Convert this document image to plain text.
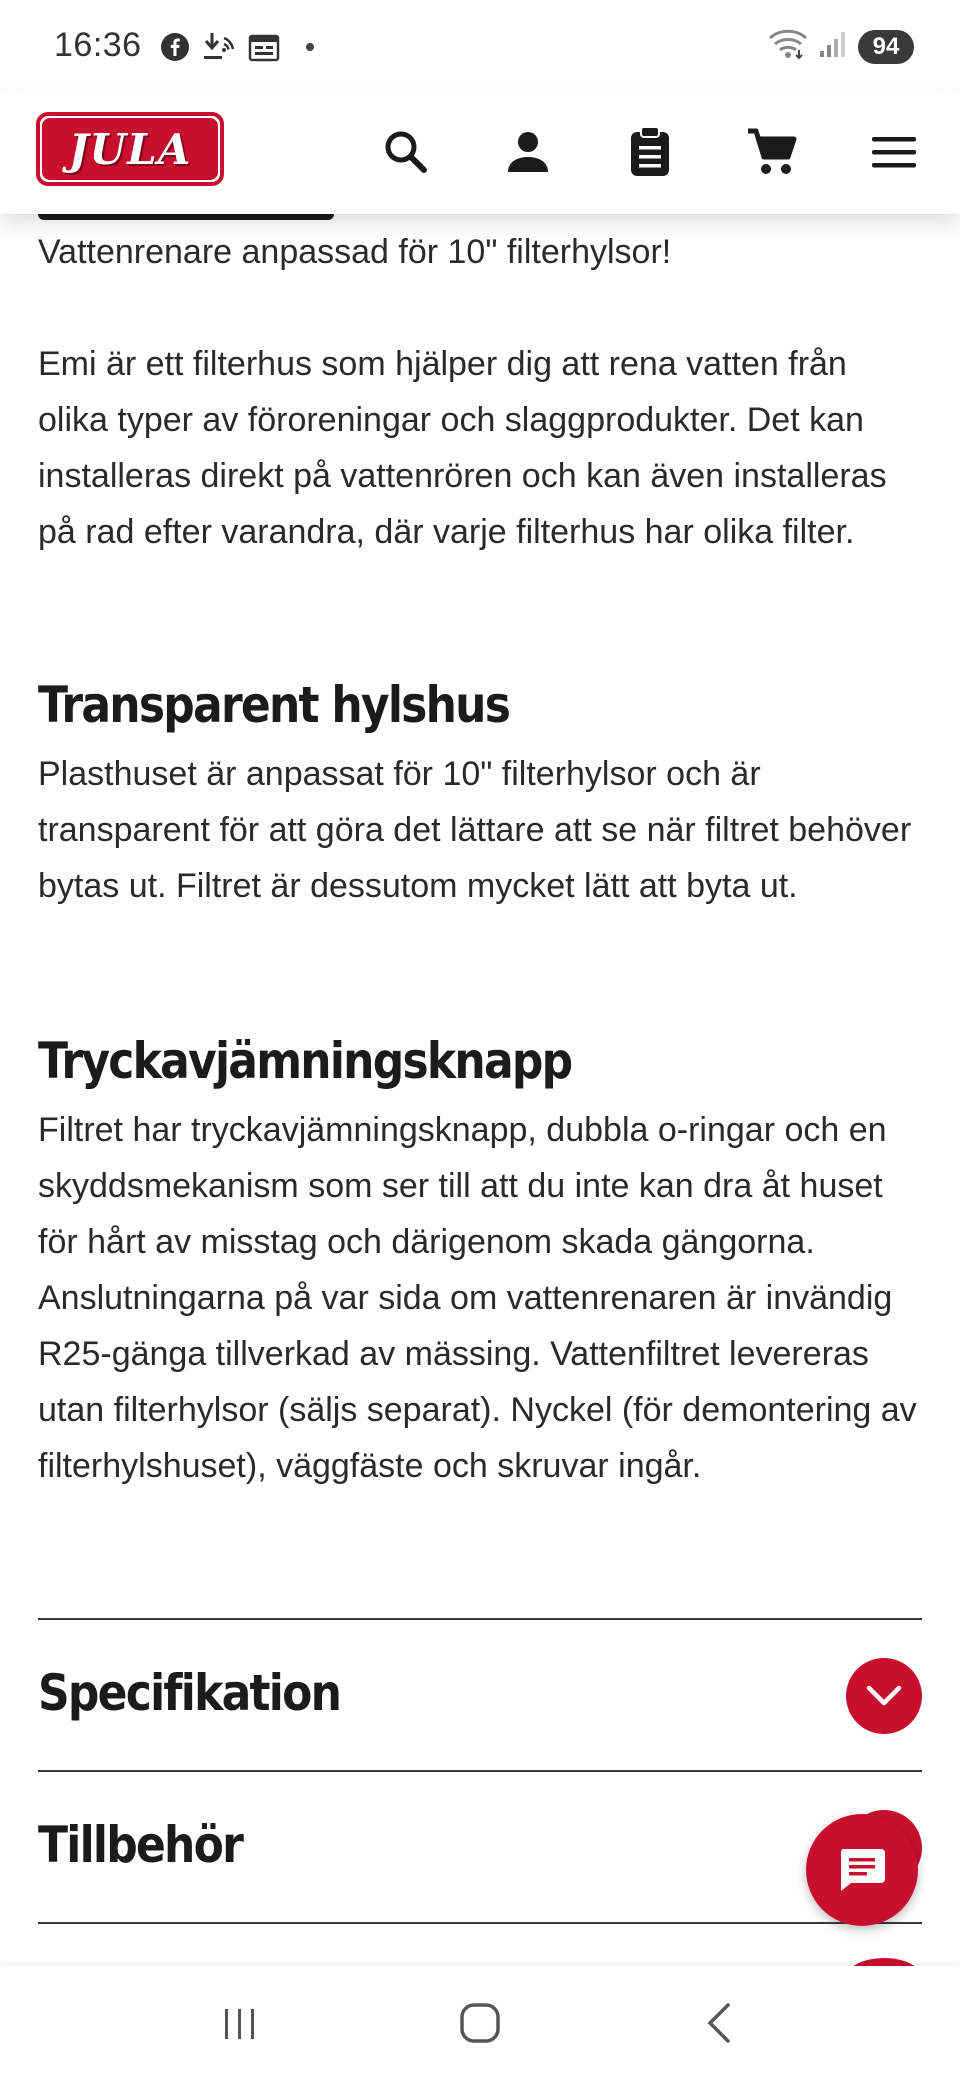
16:36	94
JULA

Vattenrenare anpassad för 10" filterhylsor!

Emi är ett filterhus som hjälper dig att rena vatten från olika typer av föroreningar och slaggprodukter. Det kan installeras direkt på vattenrören och kan även installeras på rad efter varandra, där varje filterhus har olika filter.

Transparent hylshus

Plasthuset är anpassat för 10" filterhylsor och är transparent för att göra det lättare att se när filtret behöver bytas ut. Filtret är dessutom mycket lätt att byta ut.

Tryckavjämningsknapp

Filtret har tryckavjämningsknapp, dubbla o-ringar och en skyddsmekanism som ser till att du inte kan dra åt huset för hårt av misstag och därigenom skada gängorna. Anslutningarna på var sida om vattenrenaren är invändig R25-gänga tillverkad av mässing. Vattenfiltret levereras utan filterhylsor (säljs separat). Nyckel (för demontering av filterhylshuset), väggfäste och skruvar ingår.

Specifikation
Tillbehör
